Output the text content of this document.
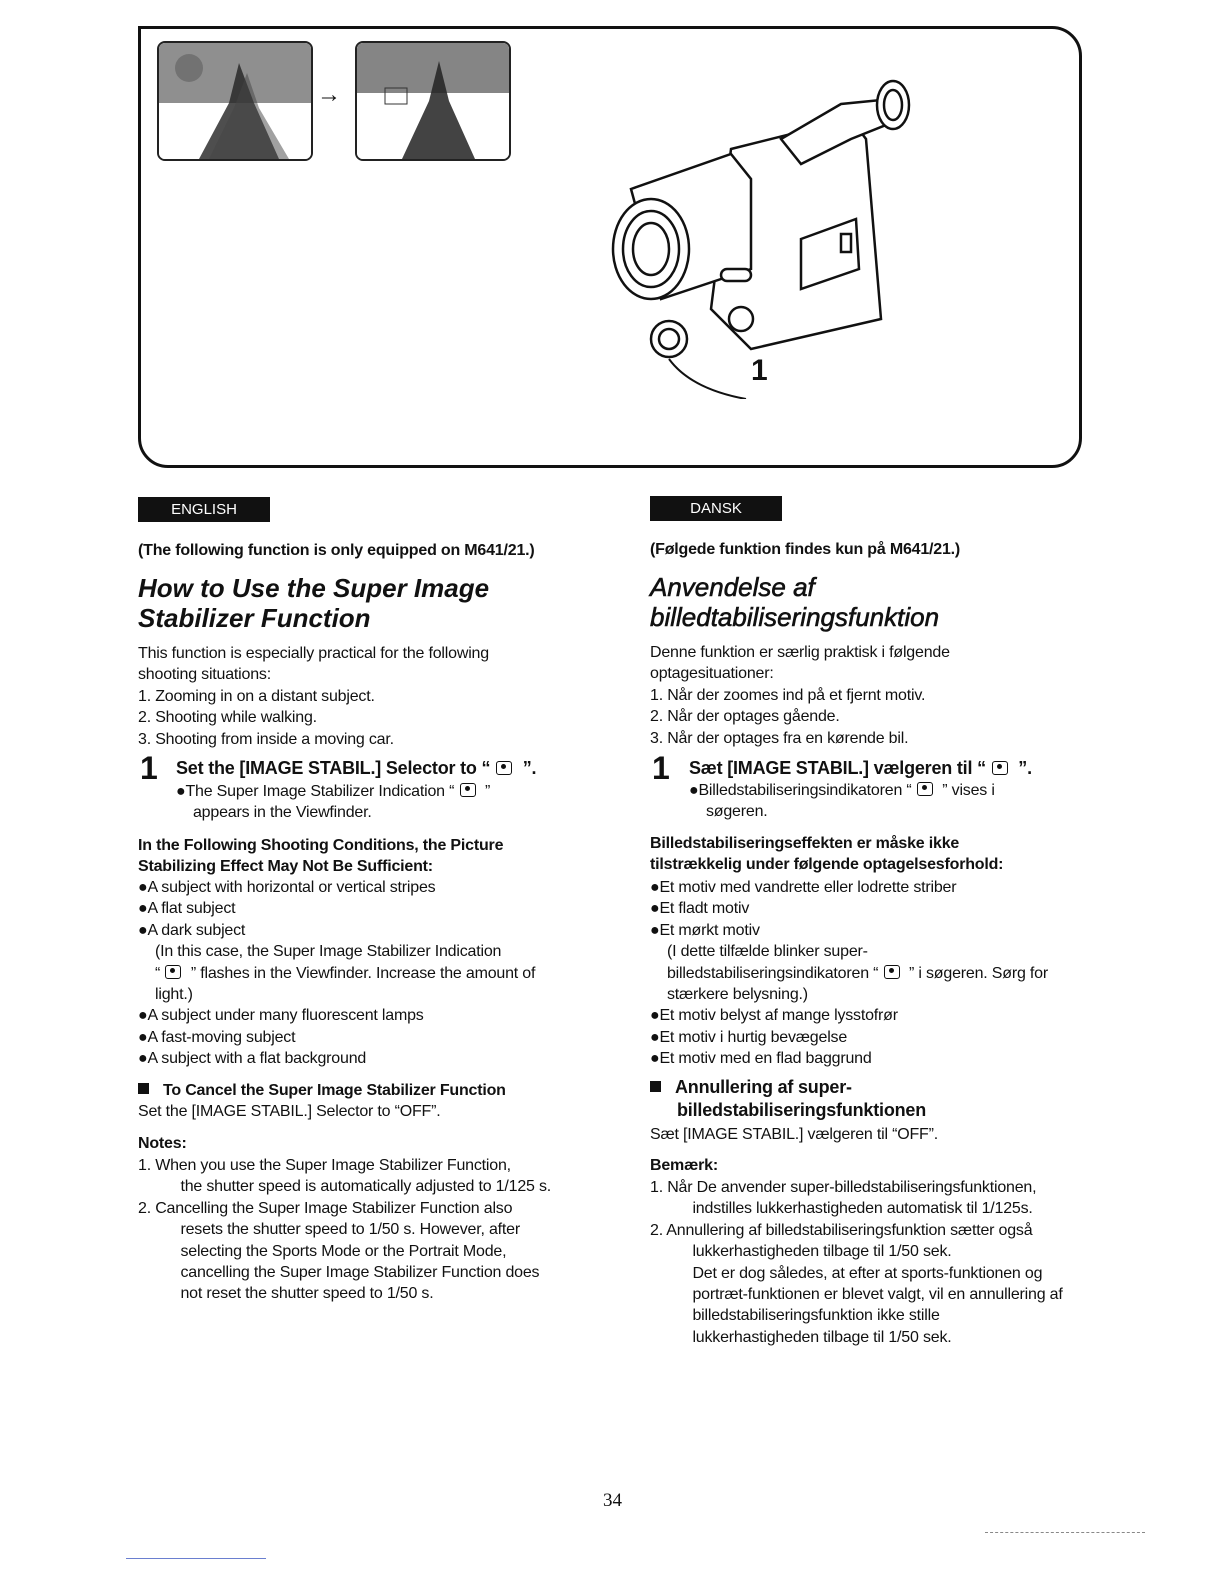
→
1
ENGLISH
(The following function is only equipped on M641/21.)
How to Use the Super Image
Stabilizer Function
This function is especially practical for the following
shooting situations:
1. Zooming in on a distant subject.
2. Shooting while walking.
3. Shooting from inside a moving car.
1 Set the [IMAGE STABIL.] Selector to “   ”.
●The Super Image Stabilizer Indication “   ”
appears in the Viewfinder.
In the Following Shooting Conditions, the Picture
Stabilizing Effect May Not Be Sufficient:
●A subject with horizontal or vertical stripes
●A flat subject
●A dark subject
(In this case, the Super Image Stabilizer Indication
“   ” flashes in the Viewfinder. Increase the amount of
light.)
●A subject under many fluorescent lamps
●A fast-moving subject
●A subject with a flat background
To Cancel the Super Image Stabilizer Function
Set the [IMAGE STABIL.] Selector to “OFF”.
Notes:
1. When you use the Super Image Stabilizer Function,
the shutter speed is automatically adjusted to 1/125 s.
2. Cancelling the Super Image Stabilizer Function also
resets the shutter speed to 1/50 s. However, after
selecting the Sports Mode or the Portrait Mode,
cancelling the Super Image Stabilizer Function does
not reset the shutter speed to 1/50 s.
DANSK
(Følgede funktion findes kun på M641/21.)
Anvendelse af
billedtabiliseringsfunktion
Denne funktion er særlig praktisk i følgende
optagesituationer:
1. Når der zoomes ind på et fjernt motiv.
2. Når der optages gående.
3. Når der optages fra en kørende bil.
1 Sæt [IMAGE STABIL.] vælgeren til “   ”.
●Billedstabiliseringsindikatoren “   ” vises i
søgeren.
Billedstabiliseringseffekten er måske ikke
tilstrækkelig under følgende optagelsesforhold:
●Et motiv med vandrette eller lodrette striber
●Et fladt motiv
●Et mørkt motiv
(I dette tilfælde blinker super-
billedstabiliseringsindikatoren “   ” i søgeren. Sørg for
stærkere belysning.)
●Et motiv belyst af mange lysstofrør
●Et motiv i hurtig bevægelse
●Et motiv med en flad baggrund
Annullering af super-
billedstabiliseringsfunktionen
Sæt [IMAGE STABIL.] vælgeren til “OFF”.
Bemærk:
1. Når De anvender super-billedstabiliseringsfunktionen,
indstilles lukkerhastigheden automatisk til 1/125s.
2. Annullering af billedstabiliseringsfunktion sætter også
lukkerhastigheden tilbage til 1/50 sek.
Det er dog således, at efter at sports-funktionen og
portræt-funktionen er blevet valgt, vil en annullering af
billedstabiliseringsfunktion ikke stille
lukkerhastigheden tilbage til 1/50 sek.
34
